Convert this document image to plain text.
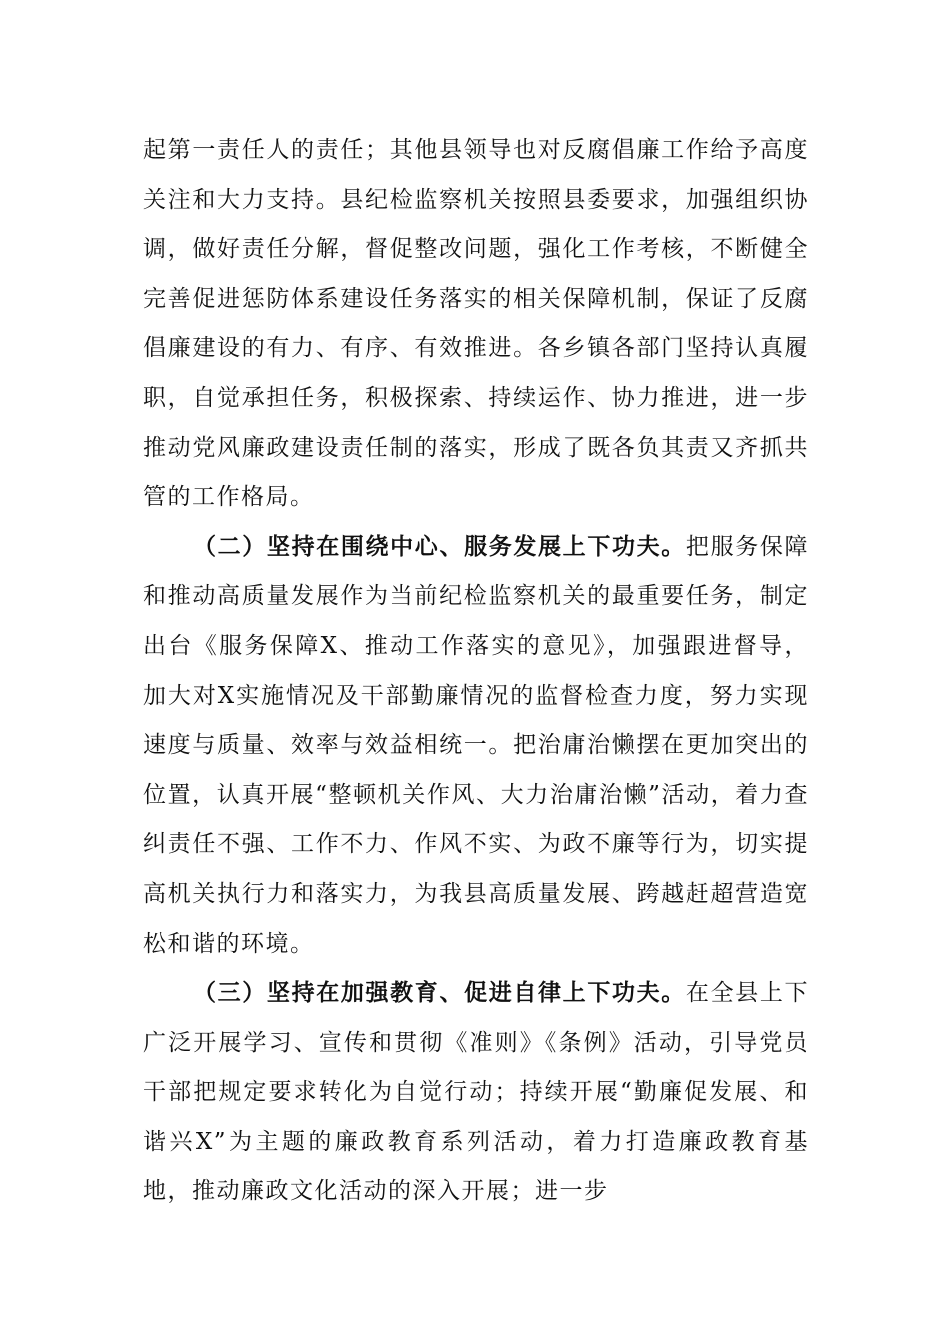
起第一责任人的责任；其他县领导也对反腐倡廉工作给予高度关注和大力支持。县纪检监察机关按照县委要求，加强组织协调，做好责任分解，督促整改问题，强化工作考核，不断健全完善促进惩防体系建设任务落实的相关保障机制，保证了反腐倡廉建设的有力、有序、有效推进。各乡镇各部门坚持认真履职，自觉承担任务，积极探索、持续运作、协力推进，进一步推动党风廉政建设责任制的落实，形成了既各负其责又齐抓共管的工作格局。

（二）坚持在围绕中心、服务发展上下功夫。把服务保障和推动高质量发展作为当前纪检监察机关的最重要任务，制定出台《服务保障X、推动工作落实的意见》，加强跟进督导，加大对X实施情况及干部勤廉情况的监督检查力度，努力实现速度与质量、效率与效益相统一。把治庸治懒摆在更加突出的位置，认真开展“整顿机关作风、大力治庸治懒”活动，着力查纠责任不强、工作不力、作风不实、为政不廉等行为，切实提高机关执行力和落实力，为我县高质量发展、跨越赶超营造宽松和谐的环境。

（三）坚持在加强教育、促进自律上下功夫。在全县上下广泛开展学习、宣传和贯彻《准则》《条例》活动，引导党员干部把规定要求转化为自觉行动；持续开展“勤廉促发展、和谐兴X”为主题的廉政教育系列活动，着力打造廉政教育基地，推动廉政文化活动的深入开展；进一步
